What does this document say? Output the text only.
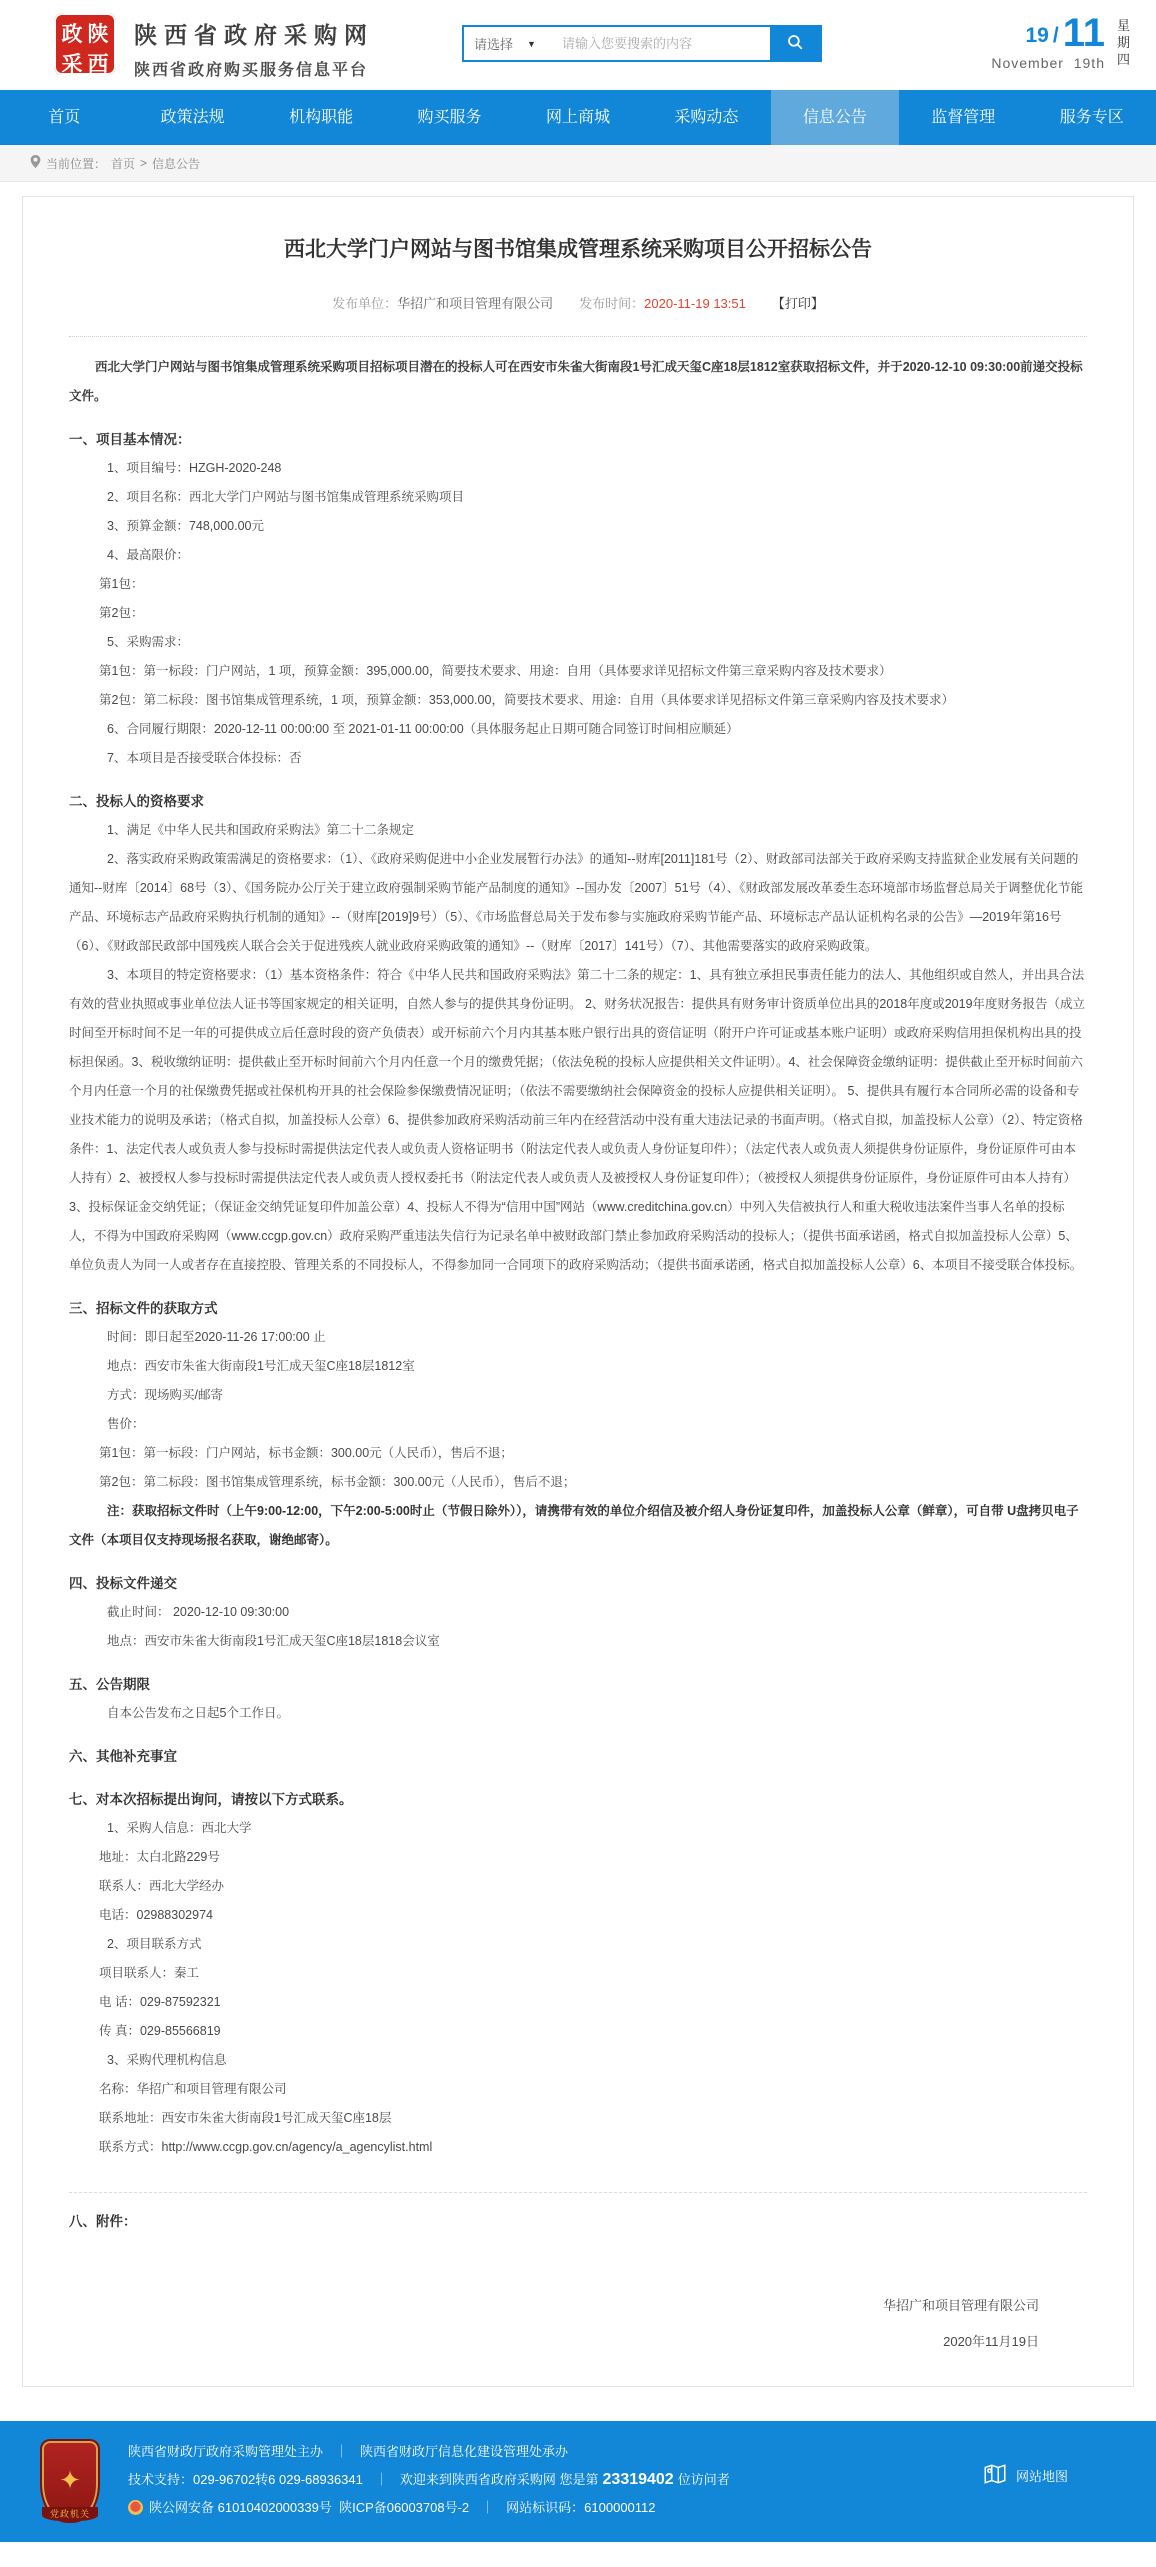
政 陕
采 西
陕西省政府采购网
陕西省政府购买服务信息平台
请选择 ▼
请输入您要搜索的内容	19 / 11
November 19th
星
期
四
首页	政策法规	机构职能	购买服务	网上商城	采购动态	信息公告	监督管理	服务专区
当前位置： 首页 > 信息公告
西北大学门户网站与图书馆集成管理系统采购项目公开招标公告
发布单位：华招广和项目管理有限公司 发布时间：2020-11-19 13:51 【打印】
西北大学门户网站与图书馆集成管理系统采购项目招标项目潜在的投标人可在西安市朱雀大街南段1号汇成天玺C座18层1812室获取招标文件，并于2020-12-10 09:30:00前递交投标文件。
一、项目基本情况：
1、项目编号：HZGH-2020-248
2、项目名称：西北大学门户网站与图书馆集成管理系统采购项目
3、预算金额：748,000.00元
4、最高限价：
第1包：
第2包：
5、采购需求：
第1包：第一标段：门户网站，1 项，预算金额：395,000.00，简要技术要求、用途：自用（具体要求详见招标文件第三章采购内容及技术要求）
第2包：第二标段：图书馆集成管理系统，1 项，预算金额：353,000.00，简要技术要求、用途：自用（具体要求详见招标文件第三章采购内容及技术要求）
6、合同履行期限：2020-12-11 00:00:00 至 2021-01-11 00:00:00（具体服务起止日期可随合同签订时间相应顺延）
7、本项目是否接受联合体投标：否
二、投标人的资格要求
1、满足《中华人民共和国政府采购法》第二十二条规定
2、落实政府采购政策需满足的资格要求：（1）、《政府采购促进中小企业发展暂行办法》的通知--财库[2011]181号（2）、财政部司法部关于政府采购支持监狱企业发展有关问题的通知--财库〔2014〕68号（3）、《国务院办公厅关于建立政府强制采购节能产品制度的通知》--国办发〔2007〕51号（4）、《财政部发展改革委生态环境部市场监督总局关于调整优化节能产品、环境标志产品政府采购执行机制的通知》--（财库[2019]9号）（5）、《市场监督总局关于发布参与实施政府采购节能产品、环境标志产品认证机构名录的公告》—2019年第16号（6）、《财政部民政部中国残疾人联合会关于促进残疾人就业政府采购政策的通知》--（财库〔2017〕141号）（7）、其他需要落实的政府采购政策。
3、本项目的特定资格要求：（1）基本资格条件：符合《中华人民共和国政府采购法》第二十二条的规定：1、具有独立承担民事责任能力的法人、其他组织或自然人，并出具合法有效的营业执照或事业单位法人证书等国家规定的相关证明，自然人参与的提供其身份证明。 2、财务状况报告：提供具有财务审计资质单位出具的2018年度或2019年度财务报告（成立时间至开标时间不足一年的可提供成立后任意时段的资产负债表）或开标前六个月内其基本账户银行出具的资信证明（附开户许可证或基本账户证明）或政府采购信用担保机构出具的投标担保函。3、税收缴纳证明：提供截止至开标时间前六个月内任意一个月的缴费凭据；（依法免税的投标人应提供相关文件证明）。4、社会保障资金缴纳证明：提供截止至开标时间前六个月内任意一个月的社保缴费凭据或社保机构开具的社会保险参保缴费情况证明；（依法不需要缴纳社会保障资金的投标人应提供相关证明）。 5、提供具有履行本合同所必需的设备和专业技术能力的说明及承诺；（格式自拟，加盖投标人公章）6、提供参加政府采购活动前三年内在经营活动中没有重大违法记录的书面声明。（格式自拟，加盖投标人公章）（2）、特定资格条件：1、法定代表人或负责人参与投标时需提供法定代表人或负责人资格证明书（附法定代表人或负责人身份证复印件）；（法定代表人或负责人须提供身份证原件，身份证原件可由本人持有）2、被授权人参与投标时需提供法定代表人或负责人授权委托书（附法定代表人或负责人及被授权人身份证复印件）；（被授权人须提供身份证原件，身份证原件可由本人持有）3、投标保证金交纳凭证；（保证金交纳凭证复印件加盖公章）4、投标人不得为“信用中国”网站（www.creditchina.gov.cn）中列入失信被执行人和重大税收违法案件当事人名单的投标人，不得为中国政府采购网（www.ccgp.gov.cn）政府采购严重违法失信行为记录名单中被财政部门禁止参加政府采购活动的投标人；（提供书面承诺函，格式自拟加盖投标人公章）5、单位负责人为同一人或者存在直接控股、管理关系的不同投标人，不得参加同一合同项下的政府采购活动；（提供书面承诺函，格式自拟加盖投标人公章）6、本项目不接受联合体投标。
三、招标文件的获取方式
时间：即日起至2020-11-26 17:00:00 止
地点：西安市朱雀大街南段1号汇成天玺C座18层1812室
方式：现场购买/邮寄
售价：
第1包：第一标段：门户网站，标书金额：300.00元（人民币），售后不退；
第2包：第二标段：图书馆集成管理系统，标书金额：300.00元（人民币），售后不退；
注：获取招标文件时（上午9:00-12:00，下午2:00-5:00时止（节假日除外）），请携带有效的单位介绍信及被介绍人身份证复印件，加盖投标人公章（鲜章），可自带 U盘拷贝电子文件（本项目仅支持现场报名获取，谢绝邮寄）。
四、投标文件递交
截止时间： 2020-12-10 09:30:00
地点：西安市朱雀大街南段1号汇成天玺C座18层1818会议室
五、公告期限
自本公告发布之日起5个工作日。
六、其他补充事宜
七、对本次招标提出询问，请按以下方式联系。
1、采购人信息：西北大学
地址：太白北路229号
联系人：西北大学经办
电话：02988302974
2、项目联系方式
项目联系人：秦工
电 话：029-87592321
传 真：029-85566819
3、采购代理机构信息
名称：华招广和项目管理有限公司
联系地址：西安市朱雀大街南段1号汇成天玺C座18层
联系方式：http://www.ccgp.gov.cn/agency/a_agencylist.html
八、附件：
华招广和项目管理有限公司
2020年11月19日
✦
党政机关
陕西省财政厅政府采购管理处主办 ｜ 陕西省财政厅信息化建设管理处承办
技术支持：029-96702转6 029-68936341 ｜ 欢迎来到陕西省政府采购网 您是第 23319402 位访问者
陕公网安备 61010402000339号 陕ICP备06003708号-2 ｜ 网站标识码：6100000112
网站地图
